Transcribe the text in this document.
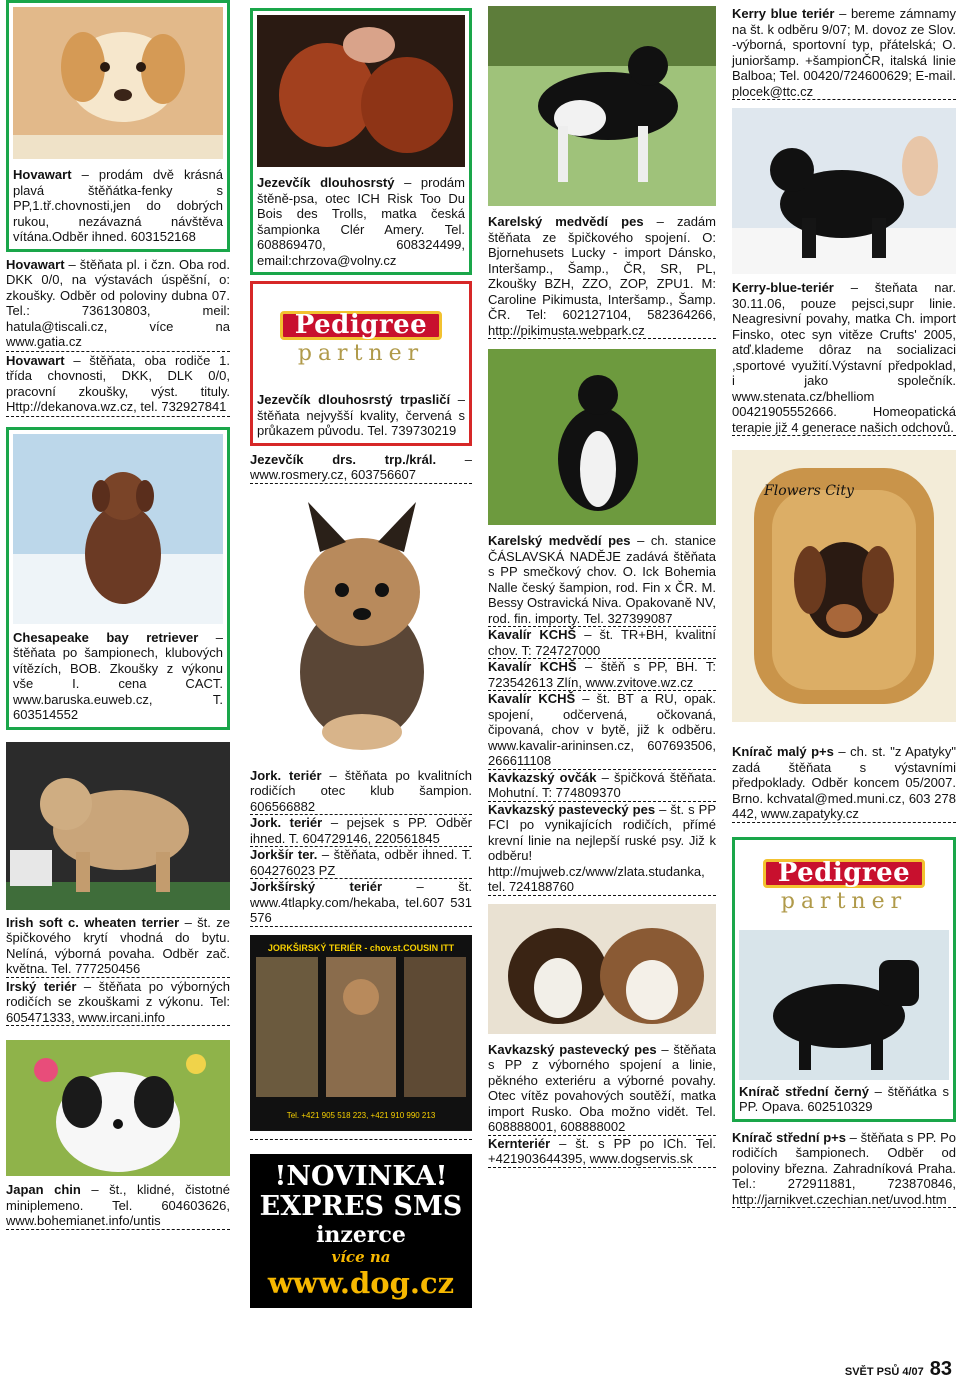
Hovawart – prodám dvě krásná plavá štěňátka-fenky s PP,1.tř.chovnosti,jen do dobrých rukou, nezávazná návštěva vítána.Odběr ihned. 603152168

Hovawart – štěňata pl. i čzn. Oba rod. DKK 0/0, na výstavách úspěšní, o: zkoušky. Odběr od poloviny dubna 07. Tel.: 736130803, meil: hatula@tiscali.cz, více na www.gatia.cz

Hovawart – štěňata, oba rodiče 1. třída chovnosti, DKK, DLK 0/0, pracovní zkoušky, výst. tituly. Http://dekanova.wz.cz, tel. 732927841

Chesapeake bay retriever – štěňata po šampionech, klubových vítězích, BOB. Zkoušky z výkonu vše I. cena CACT. www.baruska.euweb.cz, T. 603514552

Irish soft c. wheaten terrier – št. ze špičkového krytí vhodná do bytu. Nelíná, výborná povaha. Odběr zač. května. Tel. 777250456

Irský teriér – štěňata po výborných rodičích se zkouškami z výkonu. Tel: 605471333, www.ircani.info

Japan chin – št., klidné, čistotné miniplemeno. Tel. 604603626, www.bohemianet.info/untis

Jezevčík dlouhosrstý – prodám štěně-psa, otec ICH Risk Too Du Bois des Trolls, matka česká šampionka Clér Amery. Tel. 608869470, 608324499, email:chrzova@volny.cz

Pedigree
partner

Jezevčík dlouhosrstý trpasličí – štěňata nejvyšší kvality, červená s průkazem původu. Tel. 739730219

Jezevčík drs. trp./král. – www.rosmery.cz, 603756607

Jork. teriér – štěňata po kvalitních rodičích otec klub šampion. 606566882

Jork. teriér – pejsek s PP. Odběr ihned. T. 604729146, 220561845

Jorkšír ter. – štěňata, odběr ihned. T. 604276023 PZ

Jorkšírský teriér – št. www.4tlapky.com/hekaba, tel.607 531 576

JORKŠIRSKÝ TERIÉR - chov.st.COUSIN ITT
Tel. +421 905 518 223, +421 910 990 213
!NOVINKA!
EXPRES SMS
inzerce
více na
www.dog.cz

Karelský medvědí pes – zadám štěňata ze špičkového spojení. O: Bjornehusets Lucky - import Dánsko, Interšamp., Šamp., ČR, SR, PL, Zkoušky BZH, ZZO, ZOP, ZPU1. M: Caroline Pikimusta, Interšamp., Šamp. ČR. Tel: 602127104, 582364266, http://pikimusta.webpark.cz

Karelský medvědí pes – ch. stanice ČÁSLAVSKÁ NADĚJE zadává štěňata s PP smečkový chov. O. Ick Bohemia Nalle český šampion, rod. Fin x ČR. M. Bessy Ostravická Niva. Opakovaně NV, rod. fin. importy. Tel. 327399087

Kavalír KCHŠ – št. TR+BH, kvalitní chov. T: 724727000

Kavalír KCHŠ – štěň s PP, BH. T: 723542613 Zlín, www.zvitove.wz.cz

Kavalír KCHŠ – št. BT a RU, opak. spojení, odčervená, očkovaná, čipovaná, chov v bytě, již k odběru. www.kavalir-arininsen.cz, 607693506, 266611108

Kavkazský ovčák – špičková štěňata. Mohutní. T: 774809370

Kavkazský pastevecký pes – št. s PP FCI po vynikajících rodičích, přímé krevní linie na nejlepší ruské psy. Již k odběru! http://mujweb.cz/www/zlata.studanka, tel. 724188760

Kavkazský pastevecký pes – štěňata s PP z výborného spojení a linie, pěkného exteriéru a výborné povahy. Otec vítěz povahových soutěží, matka import Rusko. Oba možno vidět. Tel. 608888001, 608888002

Kernteriér – št. s PP po ICh. Tel. +421903644395, www.dogservis.sk

Kerry blue teriér – bereme zámnamy na št. k odběru 9/07; M. dovoz ze Slov. -výborná, sportovní typ, přátelská; O. junioršamp. +šampionČR, italská linie Balboa; Tel. 00420/724600629; E-mail. plocek@ttc.cz

Kerry-blue-teriér – šteňata nar. 30.11.06, pouze pejsci,supr linie. Neagresivní povahy, matka Ch. import Finsko, otec syn vitěze Crufts' 2005, atď.klademe dôraz na socializaci ,sportové využití.Výstavní předpoklad, i jako společník. www.stenata.cz/bhelliom 00421905552666. Homeopatická terapie již 4 generace našich odchovů.

Flowers City

Knírač malý p+s – ch. st. "z Apatyky" zadá štěňata s výstavními předpoklady. Odběr koncem 05/2007. Brno. kchvatal@med.muni.cz, 603 278 442, www.zapatyky.cz

Pedigree
partner

Knírač střední černý – štěňátka s PP. Opava. 602510329

Knírač střední p+s – štěňata s PP. Po rodičích šampionech. Odběr od poloviny března. Zahradníková Praha. Tel.: 272911881, 723870846, http://jarnikvet.czechian.net/uvod.htm

SVĚT PSŮ 4/07 83
